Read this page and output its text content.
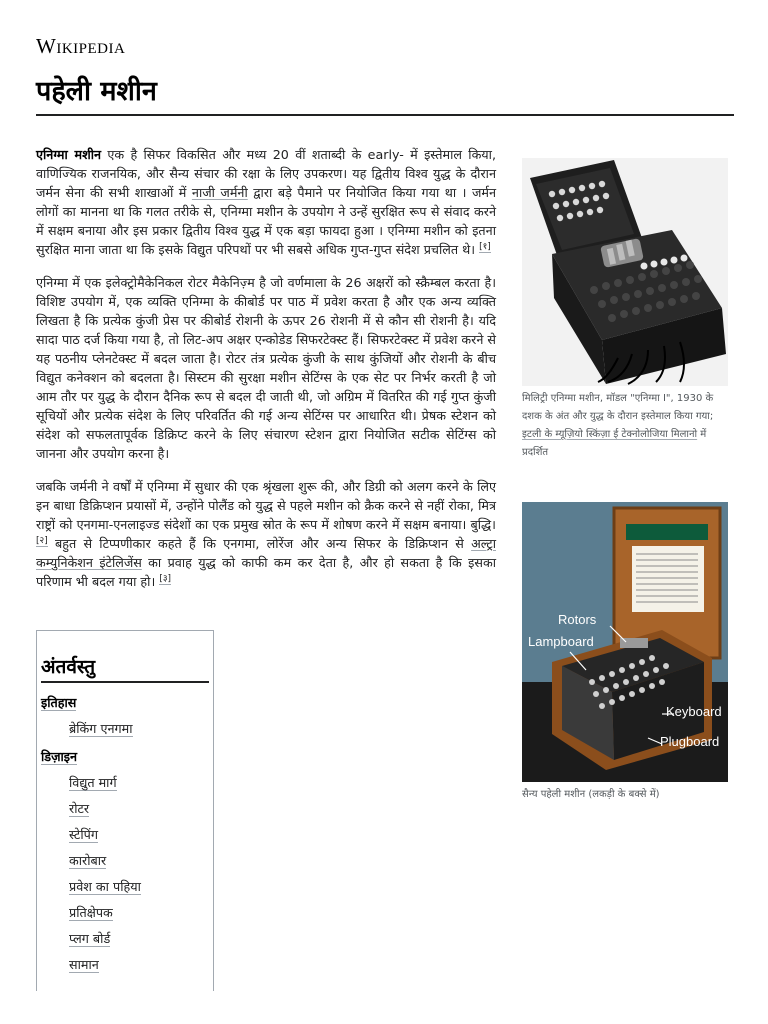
Wikipedia
पहेली मशीन

एनिग्मा मशीन एक है सिफर विकसित और मध्य 20 वीं शताब्दी के early- में इस्तेमाल किया, वाणिज्यिक राजनयिक, और सैन्य संचार की रक्षा के लिए उपकरण। यह द्वितीय विश्व युद्ध के दौरान जर्मन सेना की सभी शाखाओं में नाजी जर्मनी द्वारा बड़े पैमाने पर नियोजित किया गया था । जर्मन लोगों का मानना था कि गलत तरीके से, एनिग्मा मशीन के उपयोग ने उन्हें सुरक्षित रूप से संवाद करने में सक्षम बनाया और इस प्रकार द्वितीय विश्व युद्ध में एक बड़ा फायदा हुआ । एनिग्मा मशीन को इतना सुरक्षित माना जाता था कि इसके विद्युत परिपथों पर भी सबसे अधिक गुप्त-गुप्त संदेश प्रचलित थे। [१]

एनिग्मा में एक इलेक्ट्रोमैकेनिकल रोटर मैकेनिज़्म है जो वर्णमाला के 26 अक्षरों को स्क्रैम्बल करता है। विशिष्ट उपयोग में, एक व्यक्ति एनिग्मा के कीबोर्ड पर पाठ में प्रवेश करता है और एक अन्य व्यक्ति लिखता है कि प्रत्येक कुंजी प्रेस पर कीबोर्ड रोशनी के ऊपर 26 रोशनी में से कौन सी रोशनी है। यदि सादा पाठ दर्ज किया गया है, तो लिट-अप अक्षर एन्कोडेड सिफरटेक्स्ट हैं। सिफरटेक्स्ट में प्रवेश करने से यह पठनीय प्लेनटेक्स्ट में बदल जाता है। रोटर तंत्र प्रत्येक कुंजी के साथ कुंजियों और रोशनी के बीच विद्युत कनेक्शन को बदलता है। सिस्टम की सुरक्षा मशीन सेटिंग्स के एक सेट पर निर्भर करती है जो आम तौर पर युद्ध के दौरान दैनिक रूप से बदल दी जाती थी, जो अग्रिम में वितरित की गई गुप्त कुंजी सूचियों और प्रत्येक संदेश के लिए परिवर्तित की गई अन्य सेटिंग्स पर आधारित थी। प्रेषक स्टेशन को संदेश को सफलतापूर्वक डिक्रिप्ट करने के लिए संचारण स्टेशन द्वारा नियोजित सटीक सेटिंग्स को जानना और उपयोग करना है।

जबकि जर्मनी ने वर्षों में एनिग्मा में सुधार की एक श्रृंखला शुरू की, और डिग्री को अलग करने के लिए इन बाधा डिक्रिप्शन प्रयासों में, उन्होंने पोलैंड को युद्ध से पहले मशीन को क्रैक करने से नहीं रोका, मित्र राष्ट्रों को एनगमा-एनलाइज्ड संदेशों का एक प्रमुख स्रोत के रूप में शोषण करने में सक्षम बनाया। बुद्धि। [२] बहुत से टिप्पणीकार कहते हैं कि एनगमा, लोरेंज और अन्य सिफर के डिक्रिप्शन से अल्ट्रा कम्युनिकेशन इंटेलिजेंस का प्रवाह युद्ध को काफी कम कर देता है, और हो सकता है कि इसका परिणाम भी बदल गया हो। [३]

मिलिट्री एनिग्मा मशीन, मॉडल "एनिग्मा I", 1930 के दशक के अंत और युद्ध के दौरान इस्तेमाल किया गया; इटली के म्यूज़ियो स्किंज़ा ई टेक्नोलोजिया मिलानो में प्रदर्शित
Rotors
Lampboard
Keyboard
Plugboard
सैन्य पहेली मशीन (लकड़ी के बक्से में)
अंतर्वस्तु
इतिहास
ब्रेकिंग एनगमा
डिज़ाइन
विद्युत मार्ग
रोटर
स्टेपिंग
कारोबार
प्रवेश का पहिया
प्रतिक्षेपक
प्लग बोर्ड
सामान
